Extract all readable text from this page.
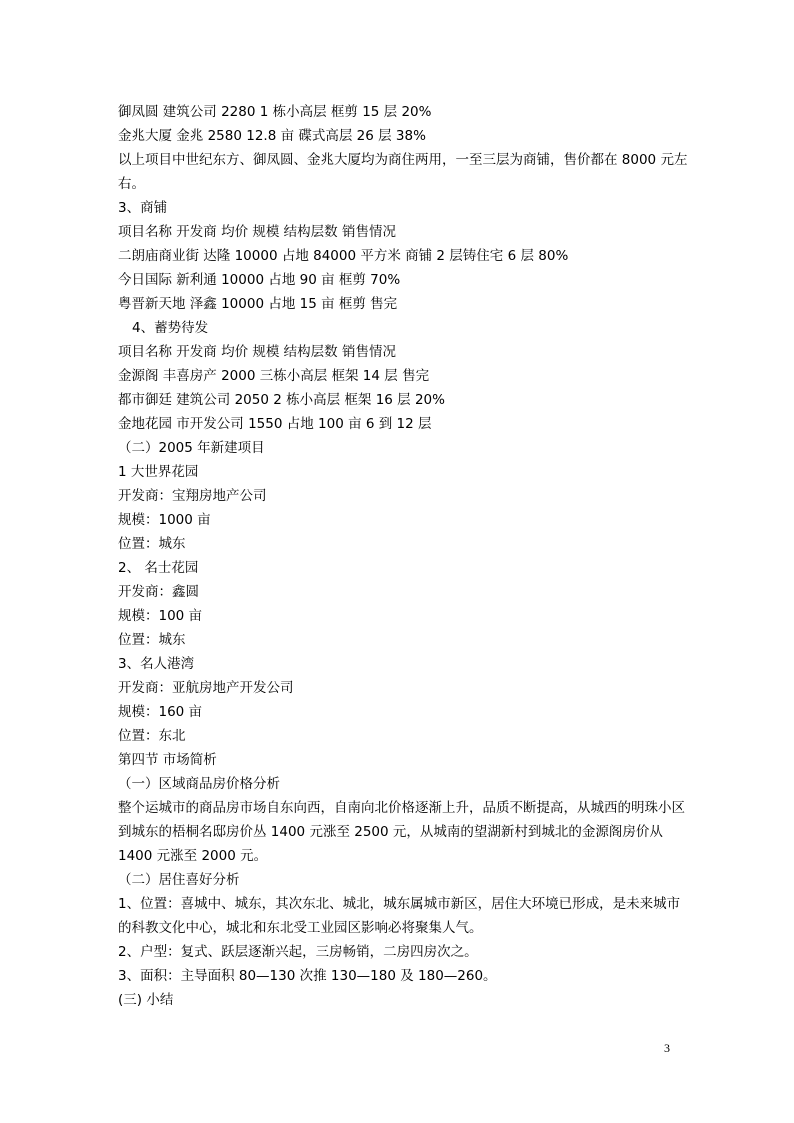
御凤圆 建筑公司 2280 1 栋小高层 框剪 15 层 20%

金兆大厦 金兆 2580 12.8 亩 碟式高层 26 层 38%

以上项目中世纪东方、御凤圆、金兆大厦均为商住两用，一至三层为商铺，售价都在 8000 元左右。

3、商铺

项目名称 开发商 均价 规模 结构层数 销售情况

二朗庙商业街 达隆 10000 占地 84000 平方米 商铺 2 层铸住宅 6 层 80%

今日国际 新利通 10000 占地 90 亩 框剪 70%

粤晋新天地 泽鑫 10000 占地 15 亩 框剪 售完

4、蓄势待发

项目名称 开发商 均价 规模 结构层数 销售情况

金源阁 丰喜房产 2000 三栋小高层 框架 14 层 售完

都市御廷 建筑公司 2050 2 栋小高层 框架 16 层 20%

金地花园 市开发公司 1550 占地 100 亩 6 到 12 层

（二）2005 年新建项目

1 大世界花园

开发商：宝翔房地产公司

规模：1000 亩

位置：城东

2、 名士花园

开发商：鑫圆

规模：100 亩

位置：城东

3、名人港湾

开发商：亚航房地产开发公司

规模：160 亩

位置：东北

第四节 市场简析

（一）区域商品房价格分析

整个运城市的商品房市场自东向西，自南向北价格逐渐上升，品质不断提高，从城西的明珠小区到城东的梧桐名邸房价丛 1400 元涨至 2500 元，从城南的望湖新村到城北的金源阁房价从 1400 元涨至 2000 元。

（二）居住喜好分析

1、位置：喜城中、城东，其次东北、城北，城东属城市新区，居住大环境已形成，是未来城市的科教文化中心，城北和东北受工业园区影响必将聚集人气。

2、户型：复式、跃层逐渐兴起，三房畅销，二房四房次之。

3、面积：主导面积 80—130 次推 130—180 及 180—260。

(三) 小结

3
